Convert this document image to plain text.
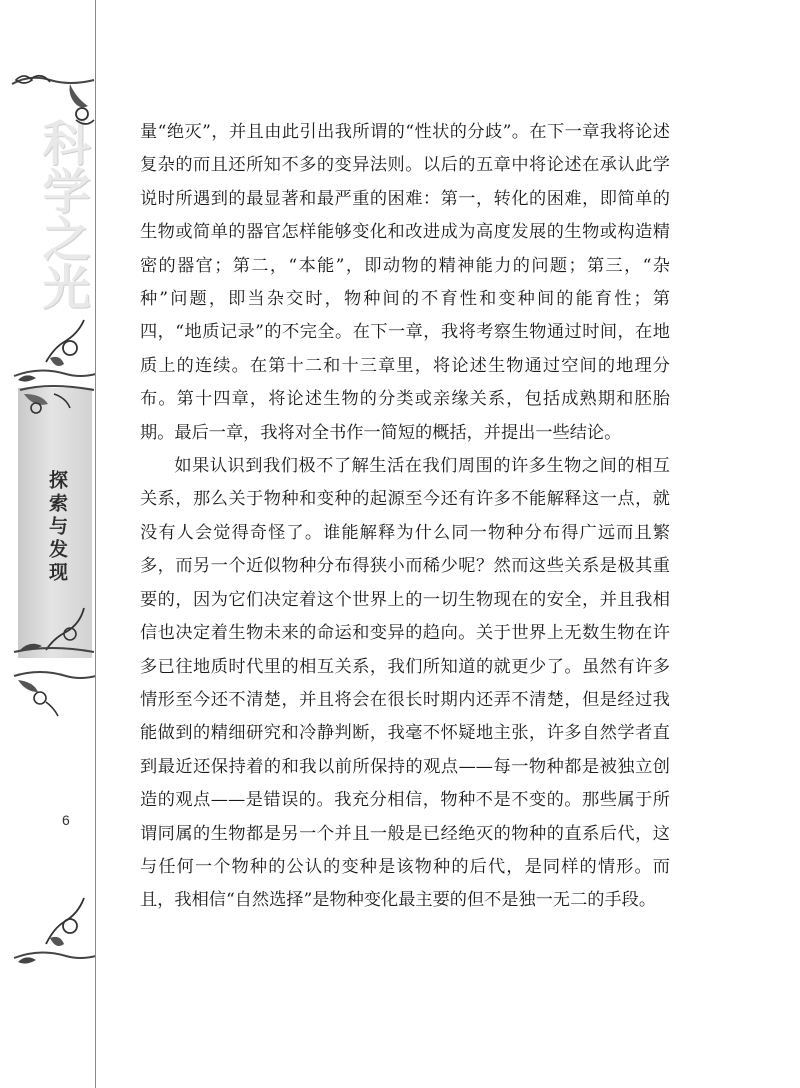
科学之光
探索与发现
6

量“绝灭”，并且由此引出我所谓的“性状的分歧”。在下一章我将论述复杂的而且还所知不多的变异法则。以后的五章中将论述在承认此学说时所遇到的最显著和最严重的困难：第一，转化的困难，即简单的生物或简单的器官怎样能够变化和改进成为高度发展的生物或构造精密的器官；第二，“本能”，即动物的精神能力的问题；第三，“杂种”问题，即当杂交时，物种间的不育性和变种间的能育性；第四，“地质记录”的不完全。在下一章，我将考察生物通过时间，在地质上的连续。在第十二和十三章里，将论述生物通过空间的地理分布。第十四章，将论述生物的分类或亲缘关系，包括成熟期和胚胎期。最后一章，我将对全书作一简短的概括，并提出一些结论。

如果认识到我们极不了解生活在我们周围的许多生物之间的相互关系，那么关于物种和变种的起源至今还有许多不能解释这一点，就没有人会觉得奇怪了。谁能解释为什么同一物种分布得广远而且繁多，而另一个近似物种分布得狭小而稀少呢？然而这些关系是极其重要的，因为它们决定着这个世界上的一切生物现在的安全，并且我相信也决定着生物未来的命运和变异的趋向。关于世界上无数生物在许多已往地质时代里的相互关系，我们所知道的就更少了。虽然有许多情形至今还不清楚，并且将会在很长时期内还弄不清楚，但是经过我能做到的精细研究和冷静判断，我毫不怀疑地主张，许多自然学者直到最近还保持着的和我以前所保持的观点——每一物种都是被独立创造的观点——是错误的。我充分相信，物种不是不变的。那些属于所谓同属的生物都是另一个并且一般是已经绝灭的物种的直系后代，这与任何一个物种的公认的变种是该物种的后代，是同样的情形。而且，我相信“自然选择”是物种变化最主要的但不是独一无二的手段。
